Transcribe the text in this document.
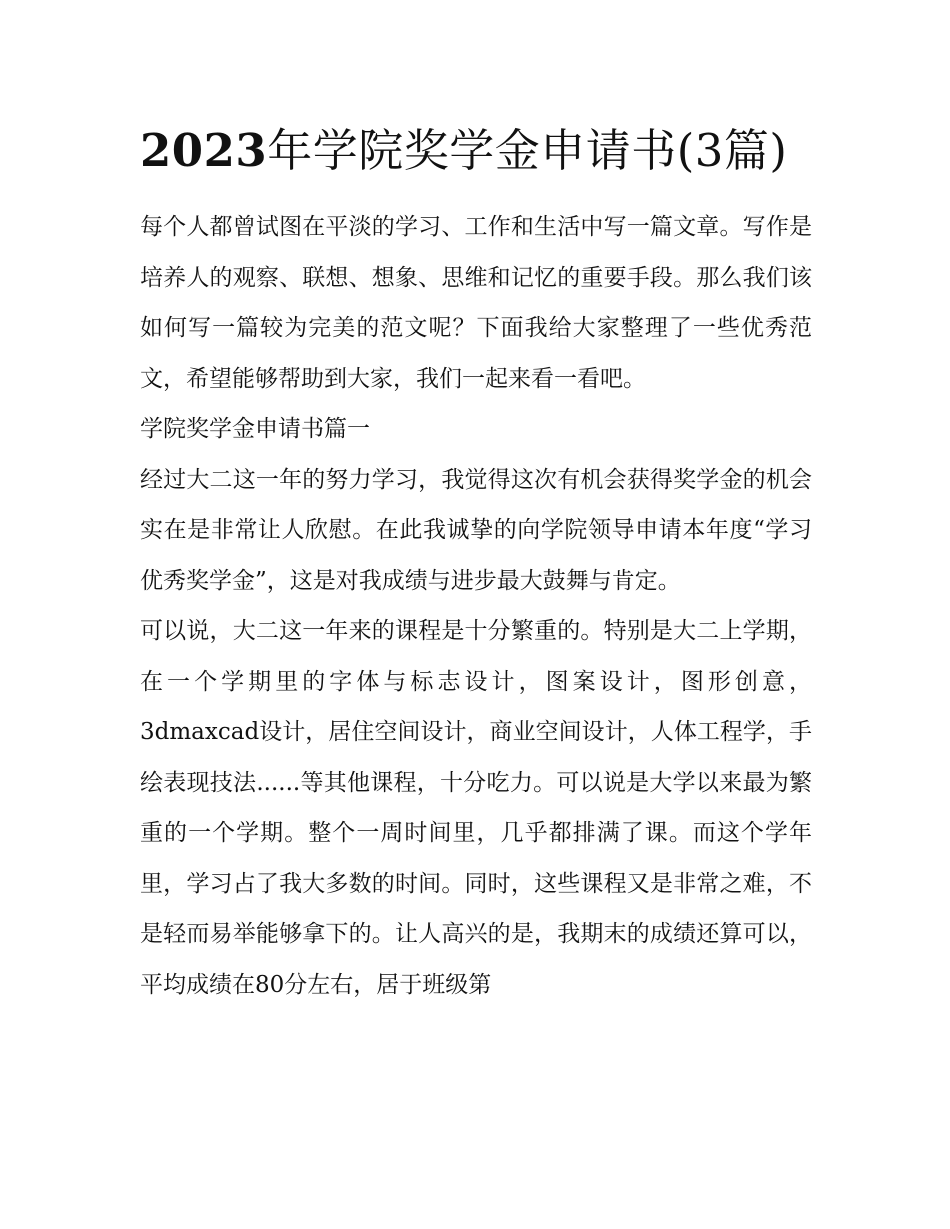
2023年学院奖学金申请书(3篇)

每个人都曾试图在平淡的学习、工作和生活中写一篇文章。写作是培养人的观察、联想、想象、思维和记忆的重要手段。那么我们该如何写一篇较为完美的范文呢？下面我给大家整理了一些优秀范文，希望能够帮助到大家，我们一起来看一看吧。

学院奖学金申请书篇一

经过大二这一年的努力学习，我觉得这次有机会获得奖学金的机会实在是非常让人欣慰。在此我诚挚的向学院领导申请本年度“学习优秀奖学金”，这是对我成绩与进步最大鼓舞与肯定。

可以说，大二这一年来的课程是十分繁重的。特别是大二上学期，在一个学期里的字体与标志设计，图案设计，图形创意，3dmaxcad设计，居住空间设计，商业空间设计，人体工程学，手绘表现技法......等其他课程，十分吃力。可以说是大学以来最为繁重的一个学期。整个一周时间里，几乎都排满了课。而这个学年里，学习占了我大多数的时间。同时，这些课程又是非常之难，不是轻而易举能够拿下的。让人高兴的是，我期末的成绩还算可以，平均成绩在80分左右，居于班级第
